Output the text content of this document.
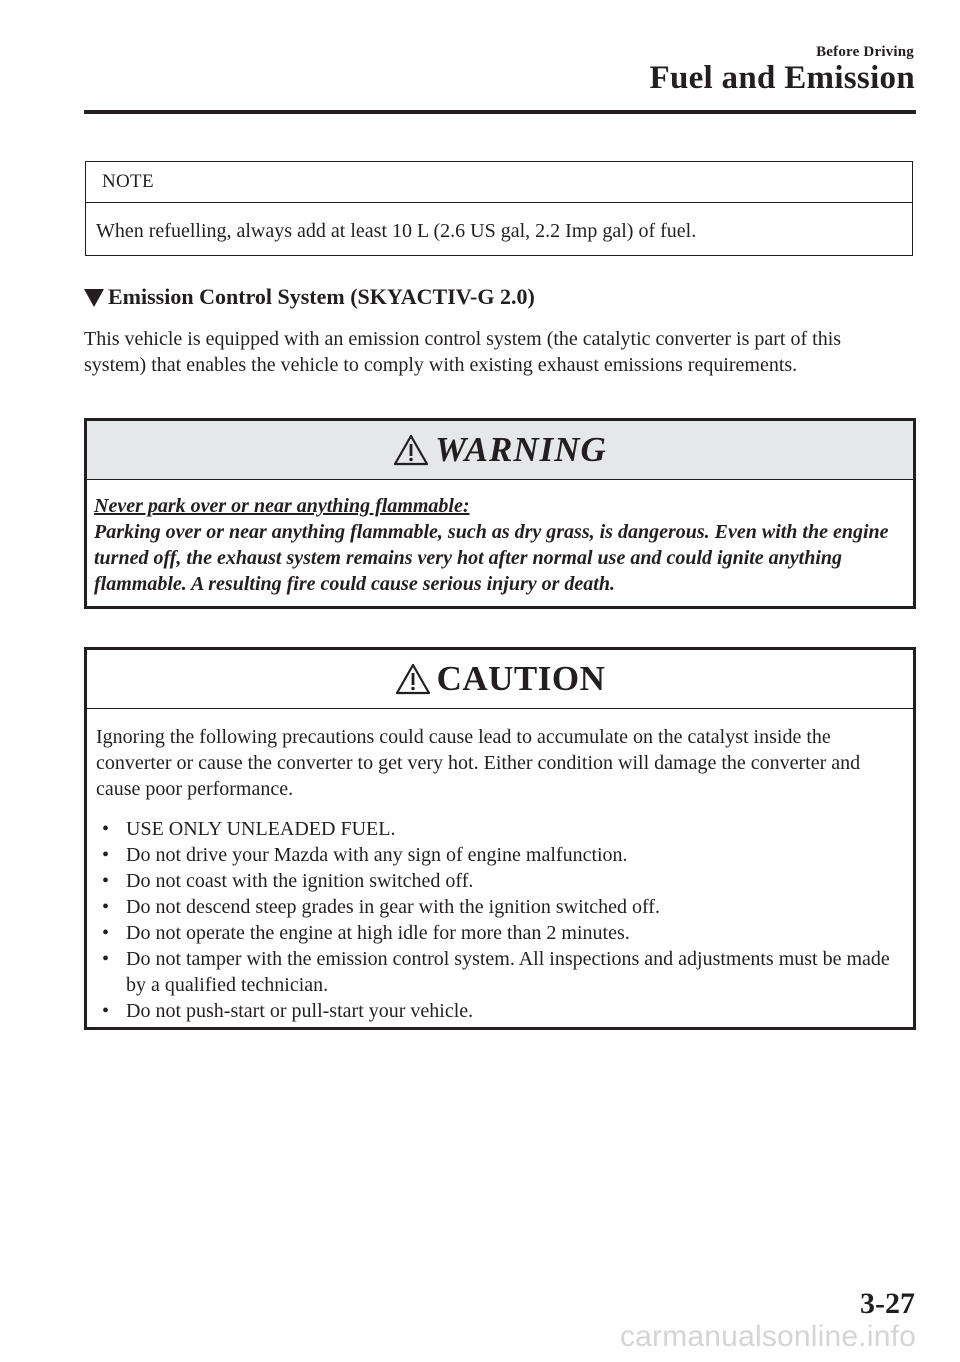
Before Driving
Fuel and Emission
NOTE
When refuelling, always add at least 10 L (2.6 US gal, 2.2 Imp gal) of fuel.
Emission Control System (SKYACTIV-G 2.0)
This vehicle is equipped with an emission control system (the catalytic converter is part of this system) that enables the vehicle to comply with existing exhaust emissions requirements.
WARNING
Never park over or near anything flammable:
Parking over or near anything flammable, such as dry grass, is dangerous. Even with the engine turned off, the exhaust system remains very hot after normal use and could ignite anything flammable. A resulting fire could cause serious injury or death.
CAUTION
Ignoring the following precautions could cause lead to accumulate on the catalyst inside the converter or cause the converter to get very hot. Either condition will damage the converter and cause poor performance.
• USE ONLY UNLEADED FUEL.
• Do not drive your Mazda with any sign of engine malfunction.
• Do not coast with the ignition switched off.
• Do not descend steep grades in gear with the ignition switched off.
• Do not operate the engine at high idle for more than 2 minutes.
• Do not tamper with the emission control system. All inspections and adjustments must be made by a qualified technician.
• Do not push-start or pull-start your vehicle.
3-27
carmanualsonline.info
